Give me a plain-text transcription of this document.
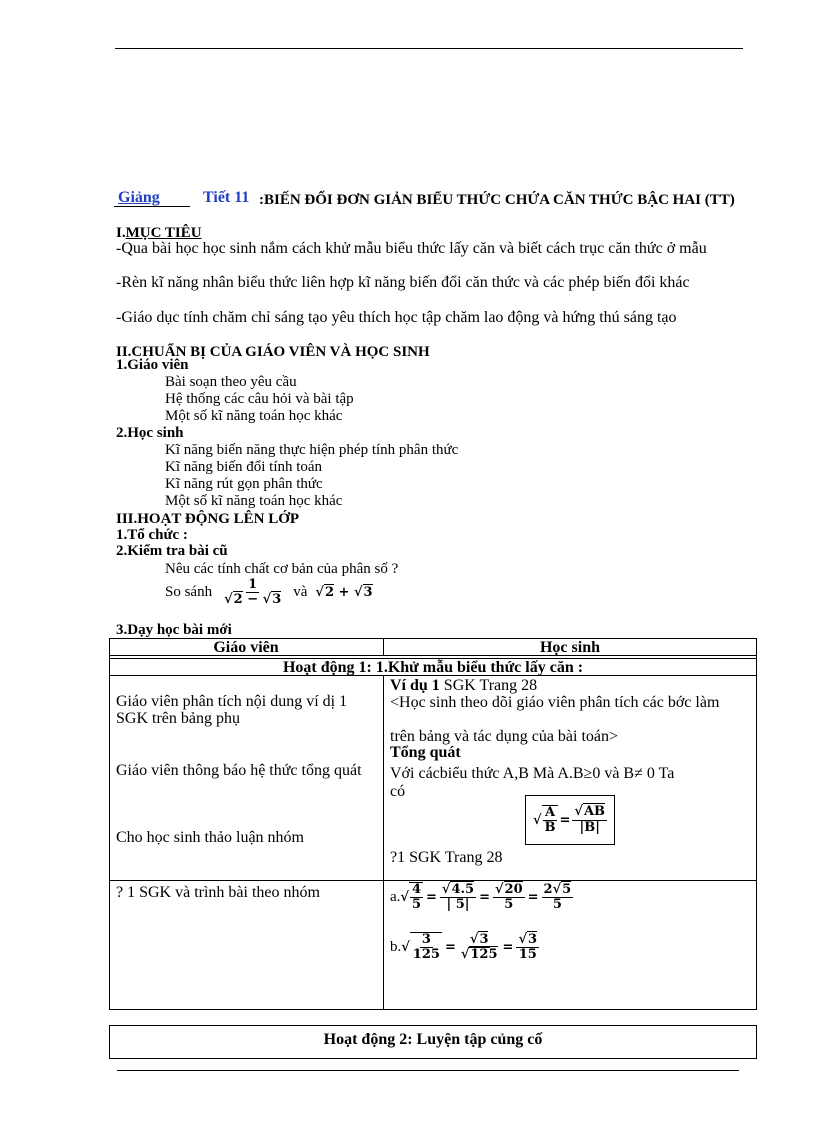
Giảng	Tiết 11 :BIẾN ĐỔI ĐƠN GIẢN BIỂU THỨC CHỨA CĂN THỨC BẬC HAI (TT)
I.MỤC TIÊU
-Qua bài học học sinh nắm cách khử mẫu biểu thức lấy căn và biết cách trục căn thức ở mẫu
-Rèn kĩ năng nhân biểu thức liên hợp kĩ năng biến đổi căn thức và các phép biến đổi khác
-Giáo dục tính chăm chỉ sáng tạo yêu thích học tập chăm lao động và hứng thú sáng tạo
II.CHUẨN BỊ CỦA GIÁO VIÊN VÀ HỌC SINH
1.Giáo viên
Bài soạn theo yêu cầu
Hệ thống các câu hỏi và bài tập
Một số kĩ năng toán học khác
2.Học sinh
Kĩ năng biến năng thực hiện phép tính phân thức
Kĩ năng biến đổi tính toán
Kĩ năng rút gọn phân thức
Một số kĩ năng toán học khác
III.HOẠT ĐỘNG LÊN LỚP
1.Tổ chức :
2.Kiểm tra bài cũ
Nêu các tính chất cơ bản của phân số ?
So sánh $\frac{1}{√2 - √3}$ và √2 + √3
3.Dạy học bài mới
Giáo viên	Học sinh
Hoạt động 1: 1.Khử mẫu biểu thức lấy căn :
Giáo viên phân tích nội dung ví dị 1 SGK trên bảng phụ
Giáo viên thông báo hệ thức tổng quát
Cho học sinh thảo luận nhóm
? 1 SGK và trình bài theo nhóm
Ví dụ 1 SGK Trang 28
<Học sinh theo dõi giáo viên phân tích các bớc làm
trên bảng và tác dụng của bài toán>
Tổng quát
Với cácbiểu thức A,B Mà A.B≥0 và B≠ 0 Ta
có
√ $\frac{A}{B} = \frac{√AB}{|B|}$
?1 SGK Trang 28
a. √ $\frac{4}{5} = \frac{√4.5}{| 5|} = \frac{√20}{5} = \frac{2√5}{5}$
b. √ $\frac{3}{125} = \frac{√3}{√125} = \frac{√3}{15}$
Hoạt động 2: Luyện tập củng cố
